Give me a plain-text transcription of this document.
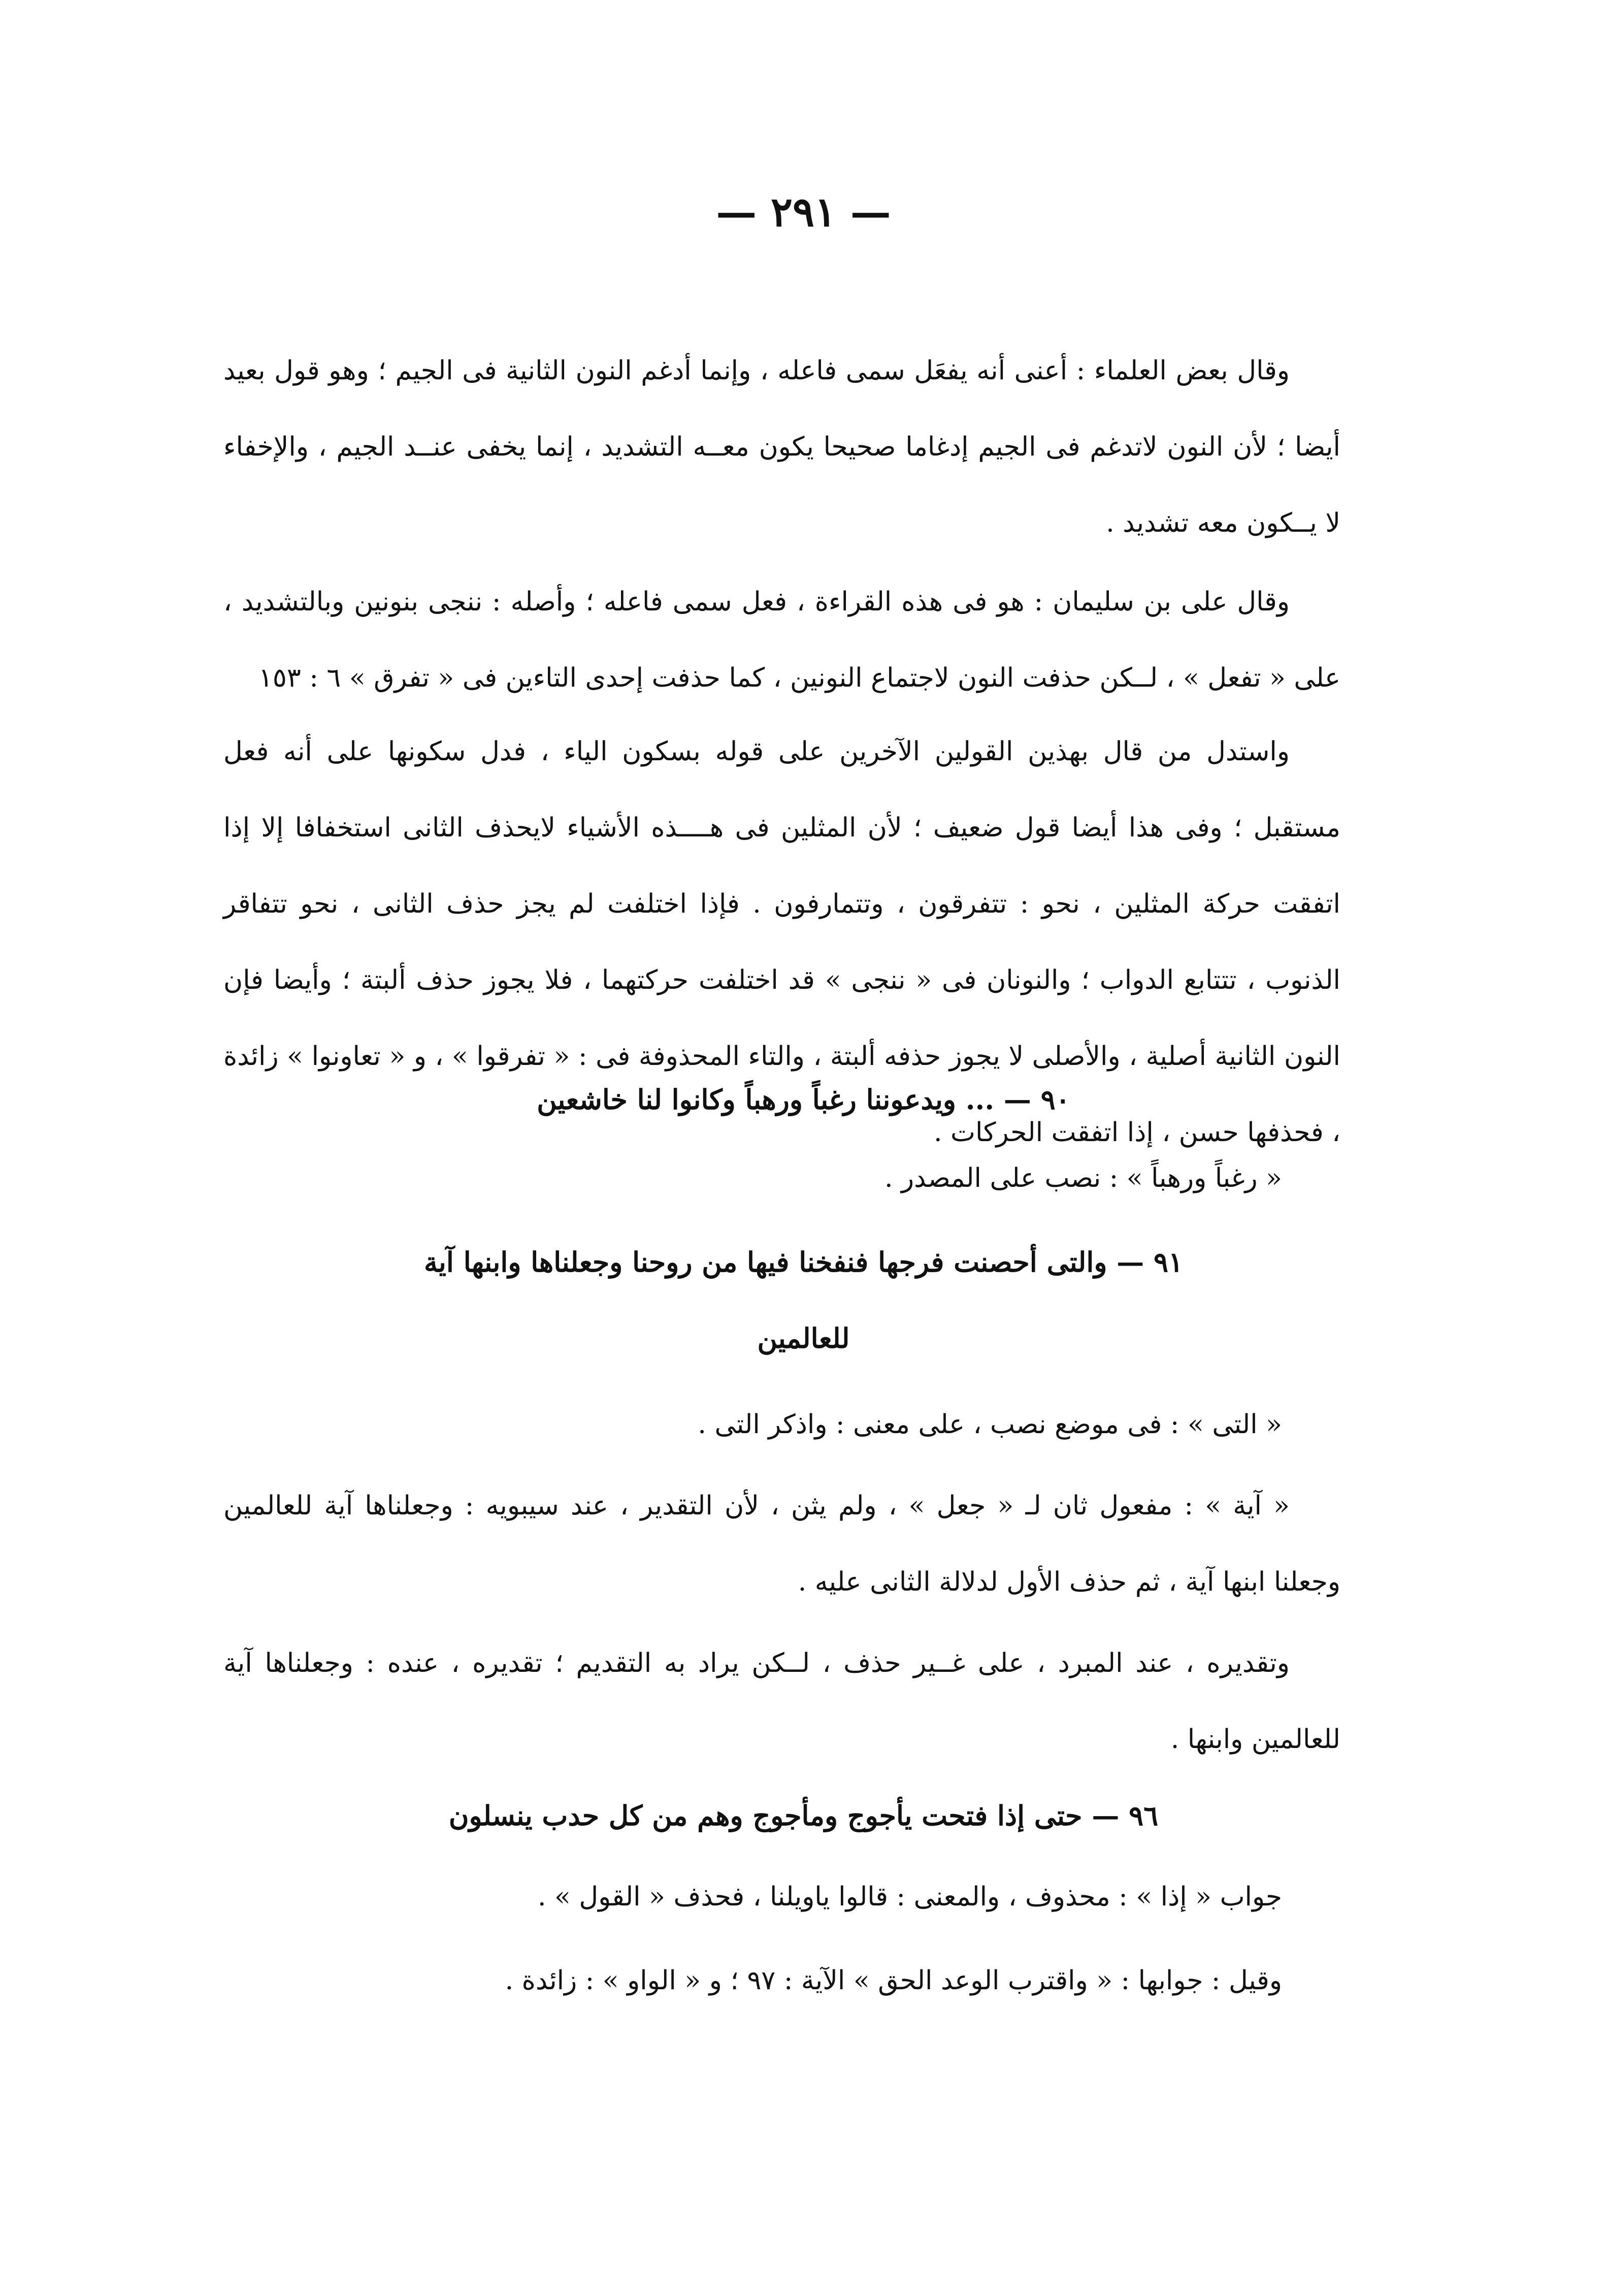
— ٢٩١ —

وقال بعض العلماء : أعنى أنه يفعَل سمى فاعله ، وإنما أدغم النون الثانية فى الجيم ؛ وهو قول بعيد أيضا ؛ لأن النون لاتدغم فى الجيم إدغاما صحيحا يكون معــه التشديد ، إنما يخفى عنــد الجيم ، والإخفاء لا يــكون معه تشديد .

وقال على بن سليمان : هو فى هذه القراءة ، فعل سمى فاعله ؛ وأصله : ننجى بنونين وبالتشديد ، على « تفعل » ، لــكن حذفت النون لاجتماع النونين ، كما حذفت إحدى التاءين فى « تفرق » ٦ : ١٥٣

واستدل من قال بهذين القولين الآخرين على قوله بسكون الياء ، فدل سكونها على أنه فعل مستقبل ؛ وفى هذا أيضا قول ضعيف ؛ لأن المثلين فى هــــذه الأشياء لايحذف الثانى استخفافا إلا إذا اتفقت حركة المثلين ، نحو : تتفرقون ، وتتمارفون . فإذا اختلفت لم يجز حذف الثانى ، نحو تتفاقر الذنوب ، تتتابع الدواب ؛ والنونان فى « ننجى » قد اختلفت حركتهما ، فلا يجوز حذف ألبتة ؛ وأيضا فإن النون الثانية أصلية ، والأصلى لا يجوز حذفه ألبتة ، والتاء المحذوفة فى : « تفرقوا » ، و « تعاونوا » زائدة ، فحذفها حسن ، إذا اتفقت الحركات .

٩٠ — ... ويدعوننا رغباً ورهباً وكانوا لنا خاشعين

« رغباً ورهباً » : نصب على المصدر .

٩١ — والتى أحصنت فرجها فنفخنا فيها من روحنا وجعلناها وابنها آية للعالمين

« التى » : فى موضع نصب ، على معنى : واذكر التى .

« آية » : مفعول ثان لـ « جعل » ، ولم يثن ، لأن التقدير ، عند سيبويه : وجعلناها آية للعالمين وجعلنا ابنها آية ، ثم حذف الأول لدلالة الثانى عليه .

وتقديره ، عند المبرد ، على غــير حذف ، لــكن يراد به التقديم ؛ تقديره ، عنده : وجعلناها آية للعالمين وابنها .

٩٦ — حتى إذا فتحت يأجوج ومأجوج وهم من كل حدب ينسلون

جواب « إذا » : محذوف ، والمعنى : قالوا ياويلنا ، فحذف « القول » .

وقيل : جوابها : « واقترب الوعد الحق » الآية : ٩٧ ؛ و « الواو » : زائدة .
